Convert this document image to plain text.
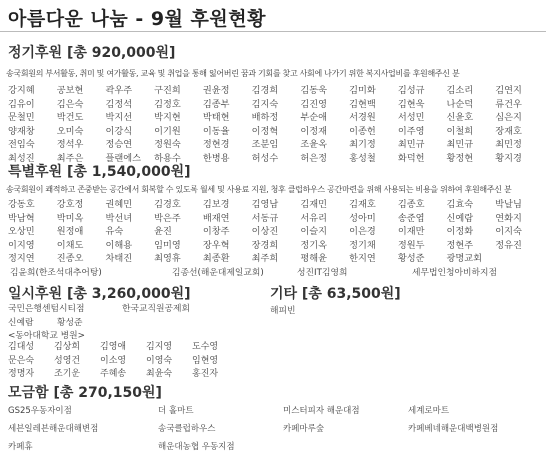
아름다운 나눔 - 9월 후원현황
정기후원 [총 920,000원]
송국회원의 부서활동, 취미 및 여가활동, 교육 및 취업을 통해 잃어버린 꿈과 기회를 찾고 사회에 나가기 위한 복지사업비를 후원해주신 분
강지혜	공보현	곽우주	구진희	권윤정	김경희	김동욱	김미화	김성규	김소리	김연지
김유이	김은숙	김정석	김정호	김종부	김지숙	김진영	김현백	김현욱	나순덕	류건우
문철민	박건도	박지선	박지현	박태현	배하정	부순애	서경원	서성민	신윤호	심은지
양재창	오미숙	이강식	이기원	이동율	이정혁	이정재	이종헌	이주영	이철희	장재호
전임숙	정석우	정승연	정원숙	정현경	조분임	조윤옥	최기정	최민규	최민규	최민정
최성진	최주은	플랜에스	하용수	한병용	허성수	허은정	홍성철	화덕헌	황정현	황지경
특별후원 [총 1,540,000원]
송국회원이 쾌적하고 존중받는 공간에서 회복할 수 있도록 월세 및 사용료 지원, 청후 클럽하우스 공간마련을 위해 사용되는 비용을 위하여 후원해주신 분
강동호	강호정	권혜민	김경호	김보경	김영남	김재민	김재호	김종호	김효숙	박날님
박남혁	박미옥	박선녀	박은주	배재연	서동규	서유리	성아미	송준엽	신예람	연화지
오상민	원정애	유숙	윤진	이창주	이상진	이슬지	이은경	이재만	이정화	이지숙
이지영	이채도	이해용	임미영	장우혁	장경희	정기옥	정기채	정원두	정현주	정유진
정지연	진종오	차태진	최영휴	최종환	최주희	평해윤	한지연	황성준	광명교회
김윤희(한조석대추어탕)	김종선(해운대제일교회)	성진IT김영희	세무법인청아비하지점
일시후원 [총 3,260,000원]
국민은행센텀시티점	한국교직원공제회
신예람	황성준
<동아대학교 병원>
김대성	김상희	김영애	김지영	도수영
문은숙	성영건	이소영	이영숙	임현영
정명자	조기운	주혜송	최윤숙	홍진자
기타 [총 63,500원]
해피빈
모금함 [총 270,150원]
GS25우동자이점	더 홀마트	미스터피자 해운대점	세계로마트
세븐일레븐해운대해변점	송국클럽하우스	카페마루숲	카페베네해운대백병원점
카페휴	해운대농협 우동지점
